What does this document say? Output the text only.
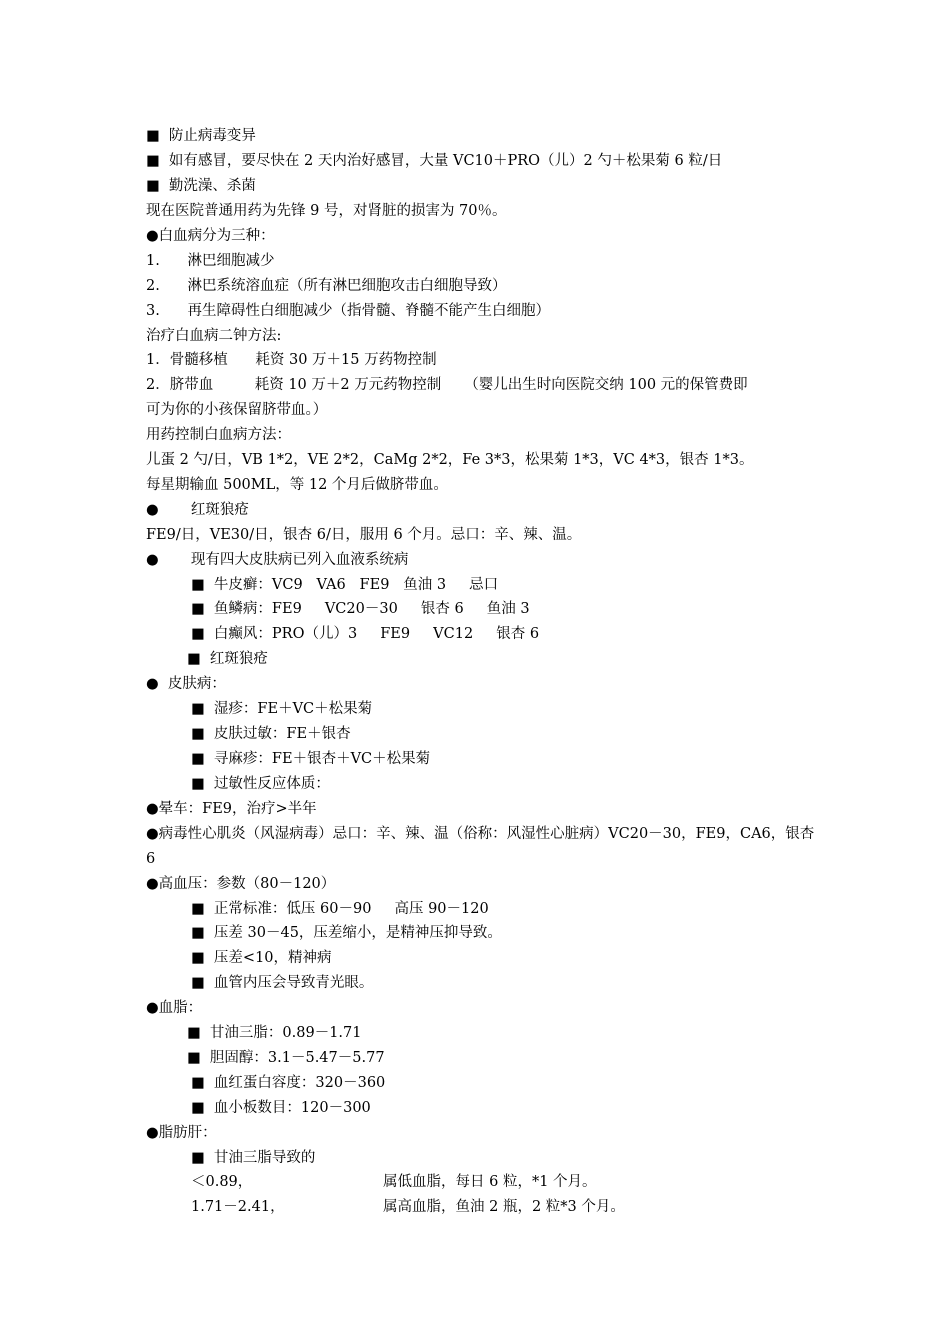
■  防止病毒变异
■  如有感冒，要尽快在 2 天内治好感冒，大量 VC10＋PRO（儿）2 勺＋松果菊 6 粒/日
■  勤洗澡、杀菌
现在医院普通用药为先锋 9 号，对肾脏的损害为 70％。
●白血病分为三种：
1.      淋巴细胞减少
2.      淋巴系统溶血症（所有淋巴细胞攻击白细胞导致）
3.      再生障碍性白细胞减少（指骨髓、脊髓不能产生白细胞）
治疗白血病二钟方法:
1．骨髓移植      耗资 30 万＋15 万药物控制
2．脐带血         耗资 10 万＋2 万元药物控制     （婴儿出生时向医院交纳 100 元的保管费即
可为你的小孩保留脐带血。）
用药控制白血病方法：
儿蛋 2 勺/日，VB 1*2，VE 2*2，CaMg 2*2，Fe 3*3，松果菊 1*3，VC 4*3，银杏 1*3。
每星期输血 500ML，等 12 个月后做脐带血。
●       红斑狼疮
FE9/日，VE30/日，银杏 6/日，服用 6 个月。忌口：辛、辣、温。
●       现有四大皮肤病已列入血液系统病
■  牛皮癣：VC9   VA6   FE9   鱼油 3     忌口
■  鱼鳞病：FE9     VC20－30     银杏 6     鱼油 3
■  白癫风：PRO（儿）3     FE9     VC12     银杏 6
■  红斑狼疮
●  皮肤病：
■  湿疹：FE＋VC＋松果菊
■  皮肤过敏：FE＋银杏
■  寻麻疹：FE＋银杏＋VC＋松果菊
■  过敏性反应体质：
●晕车：FE9，治疗>半年
●病毒性心肌炎（风湿病毒）忌口：辛、辣、温（俗称：风湿性心脏病）VC20－30，FE9，CA6，银杏
6
●高血压：参数（80－120）
■  正常标准：低压 60－90     高压 90－120
■  压差 30－45，压差缩小，是精神压抑导致。
■  压差<10，精神病
■  血管内压会导致青光眼。
●血脂：
■  甘油三脂：0.89－1.71
■  胆固醇：3.1－5.47－5.77
■  血红蛋白容度：320－360
■  血小板数目：120－300
●脂肪肝：
■  甘油三脂导致的
＜0.89，	属低血脂，每日 6 粒，*1 个月。
1.71－2.41，	属高血脂，鱼油 2 瓶，2 粒*3 个月。
